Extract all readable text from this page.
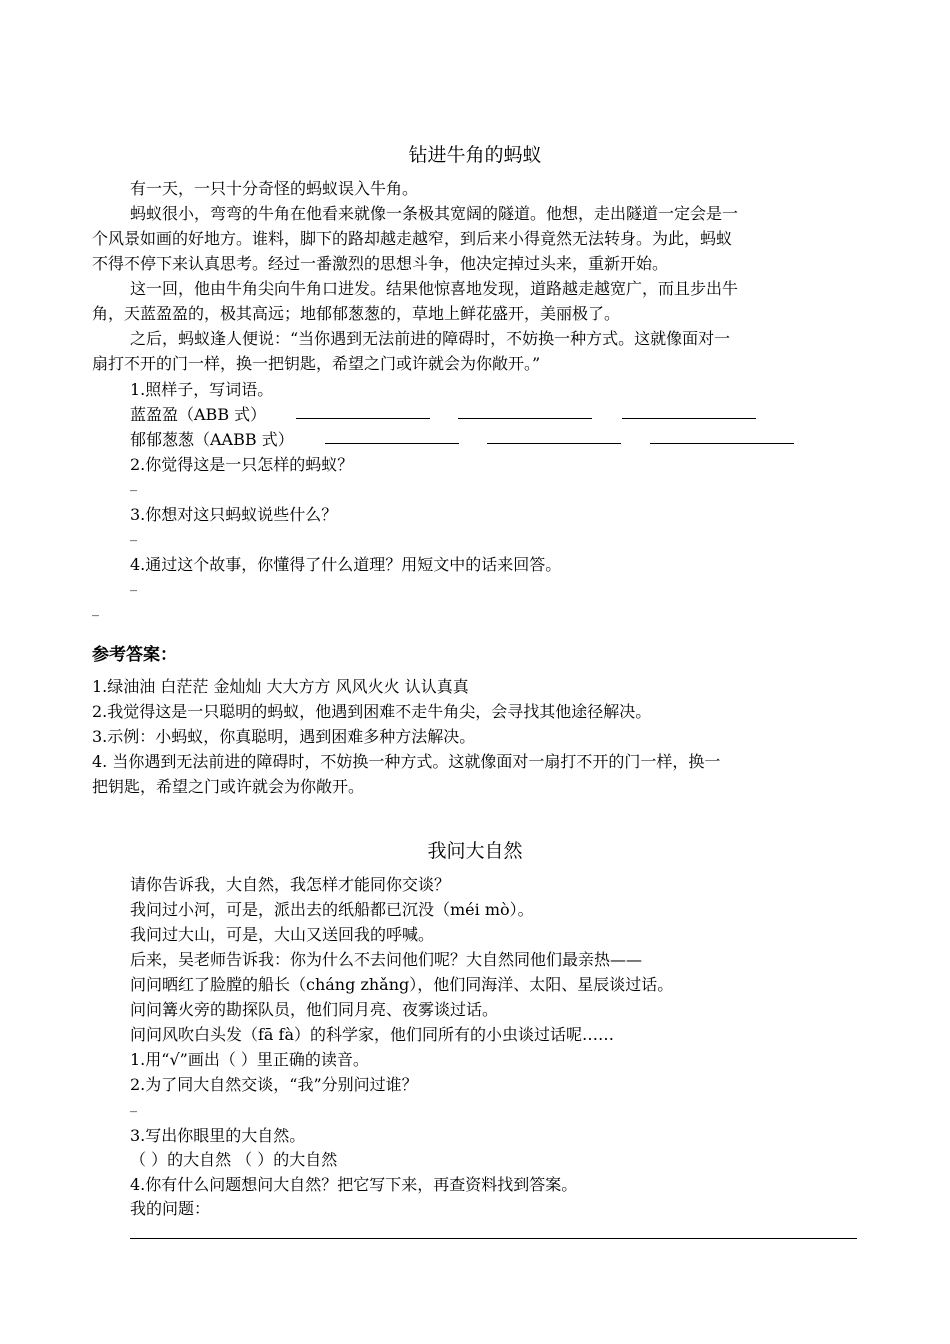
钻进牛角的蚂蚁
有一天，一只十分奇怪的蚂蚁误入牛角。
蚂蚁很小，弯弯的牛角在他看来就像一条极其宽阔的隧道。他想，走出隧道一定会是一
个风景如画的好地方。谁料，脚下的路却越走越窄，到后来小得竟然无法转身。为此，蚂蚁
不得不停下来认真思考。经过一番激烈的思想斗争，他决定掉过头来，重新开始。
这一回，他由牛角尖向牛角口进发。结果他惊喜地发现，道路越走越宽广，而且步出牛
角，天蓝盈盈的，极其高远；地郁郁葱葱的，草地上鲜花盛开，美丽极了。
之后，蚂蚁逢人便说：“当你遇到无法前进的障碍时，不妨换一种方式。这就像面对一
扇打不开的门一样，换一把钥匙，希望之门或许就会为你敞开。”
1.照样子，写词语。
蓝盈盈（ABB 式）
郁郁葱葱（AABB 式）
2.你觉得这是一只怎样的蚂蚁？
_
3.你想对这只蚂蚁说些什么？
_
4.通过这个故事，你懂得了什么道理？用短文中的话来回答。
_
_
参考答案：
1.绿油油 白茫茫 金灿灿 大大方方 风风火火 认认真真
2.我觉得这是一只聪明的蚂蚁，他遇到困难不走牛角尖，会寻找其他途径解决。
3.示例：小蚂蚁，你真聪明，遇到困难多种方法解决。
4. 当你遇到无法前进的障碍时，不妨换一种方式。这就像面对一扇打不开的门一样，换一
把钥匙，希望之门或许就会为你敞开。
我问大自然
请你告诉我，大自然，我怎样才能同你交谈？
我问过小河，可是，派出去的纸船都已沉没（méi mò）。
我问过大山，可是，大山又送回我的呼喊。
后来，吴老师告诉我：你为什么不去问他们呢？大自然同他们最亲热——
问问晒红了脸膛的船长（cháng zhǎng），他们同海洋、太阳、星辰谈过话。
问问篝火旁的勘探队员，他们同月亮、夜雾谈过话。
问问风吹白头发（fā fà）的科学家，他们同所有的小虫谈过话呢……
1.用“√”画出（ ）里正确的读音。
2.为了同大自然交谈，“我”分别问过谁？
_
3.写出你眼里的大自然。
（ ）的大自然 （ ）的大自然
4.你有什么问题想问大自然？把它写下来，再查资料找到答案。
我的问题：
